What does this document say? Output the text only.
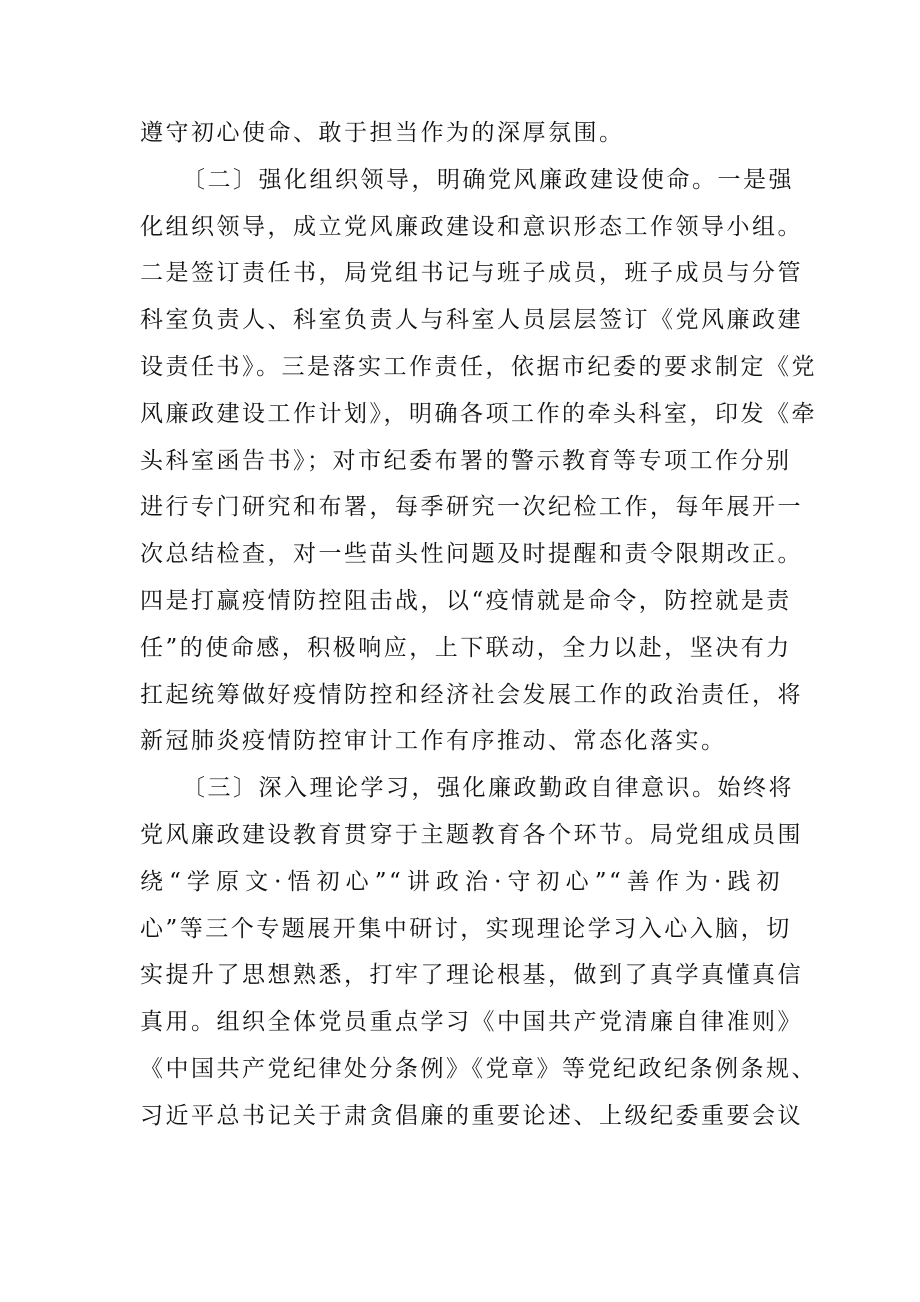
遵守初心使命、敢于担当作为的深厚氛围。
〔二〕强化组织领导，明确党风廉政建设使命。一是强
化组织领导，成立党风廉政建设和意识形态工作领导小组。
二是签订责任书，局党组书记与班子成员，班子成员与分管
科室负责人、科室负责人与科室人员层层签订《党风廉政建
设责任书》。三是落实工作责任，依据市纪委的要求制定《党
风廉政建设工作计划》，明确各项工作的牵头科室，印发《牵
头科室函告书》；对市纪委布署的警示教育等专项工作分别
进行专门研究和布署，每季研究一次纪检工作，每年展开一
次总结检查，对一些苗头性问题及时提醒和责令限期改正。
四是打赢疫情防控阻击战，以“疫情就是命令，防控就是责
任”的使命感，积极响应，上下联动，全力以赴，坚决有力
扛起统筹做好疫情防控和经济社会发展工作的政治责任，将
新冠肺炎疫情防控审计工作有序推动、常态化落实。
〔三〕深入理论学习，强化廉政勤政自律意识。始终将
党风廉政建设教育贯穿于主题教育各个环节。局党组成员围
绕“学原文·悟初心”“讲政治·守初心”“善作为·践初
心”等三个专题展开集中研讨，实现理论学习入心入脑，切
实提升了思想熟悉，打牢了理论根基，做到了真学真懂真信
真用。组织全体党员重点学习《中国共产党清廉自律准则》
《中国共产党纪律处分条例》《党章》等党纪政纪条例条规、
习近平总书记关于肃贪倡廉的重要论述、上级纪委重要会议
